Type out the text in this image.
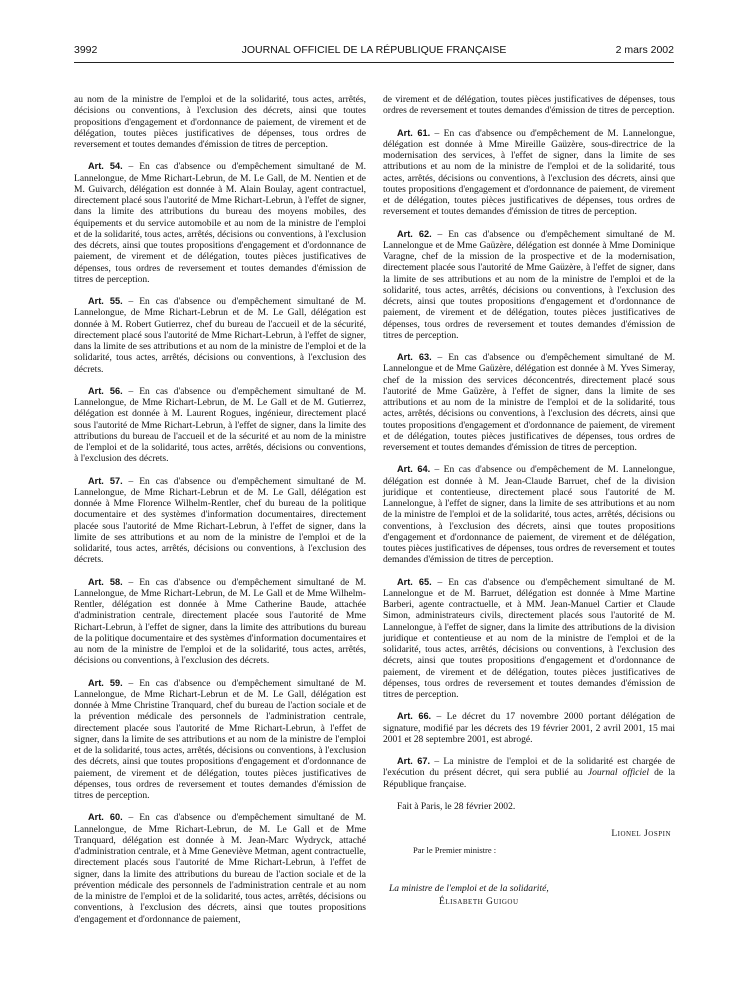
3992	JOURNAL OFFICIEL DE LA RÉPUBLIQUE FRANÇAISE	2 mars 2002

au nom de la ministre de l'emploi et de la solidarité, tous actes, arrêtés, décisions ou conventions, à l'exclusion des décrets, ainsi que toutes propositions d'engagement et d'ordonnance de paiement, de virement et de délégation, toutes pièces justificatives de dépenses, tous ordres de reversement et toutes demandes d'émission de titres de perception.

Art. 54. – En cas d'absence ou d'empêchement simultané de M. Lannelongue, de Mme Richart-Lebrun, de M. Le Gall, de M. Nentien et de M. Guivarch, délégation est donnée à M. Alain Boulay, agent contractuel, directement placé sous l'autorité de Mme Richart-Lebrun, à l'effet de signer, dans la limite des attributions du bureau des moyens mobiles, des équipements et du service automobile et au nom de la ministre de l'emploi et de la solidarité, tous actes, arrêtés, décisions ou conventions, à l'exclusion des décrets, ainsi que toutes propositions d'engagement et d'ordonnance de paiement, de virement et de délégation, toutes pièces justificatives de dépenses, tous ordres de reversement et toutes demandes d'émission de titres de perception.

Art. 55. – En cas d'absence ou d'empêchement simultané de M. Lannelongue, de Mme Richart-Lebrun et de M. Le Gall, délégation est donnée à M. Robert Gutierrez, chef du bureau de l'accueil et de la sécurité, directement placé sous l'autorité de Mme Richart-Lebrun, à l'effet de signer, dans la limite de ses attributions et au nom de la ministre de l'emploi et de la solidarité, tous actes, arrêtés, décisions ou conventions, à l'exclusion des décrets.

Art. 56. – En cas d'absence ou d'empêchement simultané de M. Lannelongue, de Mme Richart-Lebrun, de M. Le Gall et de M. Gutierrez, délégation est donnée à M. Laurent Rogues, ingénieur, directement placé sous l'autorité de Mme Richart-Lebrun, à l'effet de signer, dans la limite des attributions du bureau de l'accueil et de la sécurité et au nom de la ministre de l'emploi et de la solidarité, tous actes, arrêtés, décisions ou conventions, à l'exclusion des décrets.

Art. 57. – En cas d'absence ou d'empêchement simultané de M. Lannelongue, de Mme Richart-Lebrun et de M. Le Gall, délégation est donnée à Mme Florence Wilhelm-Rentler, chef du bureau de la politique documentaire et des systèmes d'information documentaires, directement placée sous l'autorité de Mme Richart-Lebrun, à l'effet de signer, dans la limite de ses attributions et au nom de la ministre de l'emploi et de la solidarité, tous actes, arrêtés, décisions ou conventions, à l'exclusion des décrets.

Art. 58. – En cas d'absence ou d'empêchement simultané de M. Lannelongue, de Mme Richart-Lebrun, de M. Le Gall et de Mme Wilhelm-Rentler, délégation est donnée à Mme Catherine Baude, attachée d'administration centrale, directement placée sous l'autorité de Mme Richart-Lebrun, à l'effet de signer, dans la limite des attributions du bureau de la politique documentaire et des systèmes d'information documentaires et au nom de la ministre de l'emploi et de la solidarité, tous actes, arrêtés, décisions ou conventions, à l'exclusion des décrets.

Art. 59. – En cas d'absence ou d'empêchement simultané de M. Lannelongue, de Mme Richart-Lebrun et de M. Le Gall, délégation est donnée à Mme Christine Tranquard, chef du bureau de l'action sociale et de la prévention médicale des personnels de l'administration centrale, directement placée sous l'autorité de Mme Richart-Lebrun, à l'effet de signer, dans la limite de ses attributions et au nom de la ministre de l'emploi et de la solidarité, tous actes, arrêtés, décisions ou conventions, à l'exclusion des décrets, ainsi que toutes propositions d'engagement et d'ordonnance de paiement, de virement et de délégation, toutes pièces justificatives de dépenses, tous ordres de reversement et toutes demandes d'émission de titres de perception.

Art. 60. – En cas d'absence ou d'empêchement simultané de M. Lannelongue, de Mme Richart-Lebrun, de M. Le Gall et de Mme Tranquard, délégation est donnée à M. Jean-Marc Wydryck, attaché d'administration centrale, et à Mme Geneviève Metman, agent contractuelle, directement placés sous l'autorité de Mme Richart-Lebrun, à l'effet de signer, dans la limite des attributions du bureau de l'action sociale et de la prévention médicale des personnels de l'administration centrale et au nom de la ministre de l'emploi et de la solidarité, tous actes, arrêtés, décisions ou conventions, à l'exclusion des décrets, ainsi que toutes propositions d'engagement et d'ordonnance de paiement,

de virement et de délégation, toutes pièces justificatives de dépenses, tous ordres de reversement et toutes demandes d'émission de titres de perception.

Art. 61. – En cas d'absence ou d'empêchement de M. Lannelongue, délégation est donnée à Mme Mireille Gaüzère, sous-directrice de la modernisation des services, à l'effet de signer, dans la limite de ses attributions et au nom de la ministre de l'emploi et de la solidarité, tous actes, arrêtés, décisions ou conventions, à l'exclusion des décrets, ainsi que toutes propositions d'engagement et d'ordonnance de paiement, de virement et de délégation, toutes pièces justificatives de dépenses, tous ordres de reversement et toutes demandes d'émission de titres de perception.

Art. 62. – En cas d'absence ou d'empêchement simultané de M. Lannelongue et de Mme Gaüzère, délégation est donnée à Mme Dominique Varagne, chef de la mission de la prospective et de la modernisation, directement placée sous l'autorité de Mme Gaüzère, à l'effet de signer, dans la limite de ses attributions et au nom de la ministre de l'emploi et de la solidarité, tous actes, arrêtés, décisions ou conventions, à l'exclusion des décrets, ainsi que toutes propositions d'engagement et d'ordonnance de paiement, de virement et de délégation, toutes pièces justificatives de dépenses, tous ordres de reversement et toutes demandes d'émission de titres de perception.

Art. 63. – En cas d'absence ou d'empêchement simultané de M. Lannelongue et de Mme Gaüzère, délégation est donnée à M. Yves Simeray, chef de la mission des services déconcentrés, directement placé sous l'autorité de Mme Gaüzère, à l'effet de signer, dans la limite de ses attributions et au nom de la ministre de l'emploi et de la solidarité, tous actes, arrêtés, décisions ou conventions, à l'exclusion des décrets, ainsi que toutes propositions d'engagement et d'ordonnance de paiement, de virement et de délégation, toutes pièces justificatives de dépenses, tous ordres de reversement et toutes demandes d'émission de titres de perception.

Art. 64. – En cas d'absence ou d'empêchement de M. Lannelongue, délégation est donnée à M. Jean-Claude Barruet, chef de la division juridique et contentieuse, directement placé sous l'autorité de M. Lannelongue, à l'effet de signer, dans la limite de ses attributions et au nom de la ministre de l'emploi et de la solidarité, tous actes, arrêtés, décisions ou conventions, à l'exclusion des décrets, ainsi que toutes propositions d'engagement et d'ordonnance de paiement, de virement et de délégation, toutes pièces justificatives de dépenses, tous ordres de reversement et toutes demandes d'émission de titres de perception.

Art. 65. – En cas d'absence ou d'empêchement simultané de M. Lannelongue et de M. Barruet, délégation est donnée à Mme Martine Barberi, agente contractuelle, et à MM. Jean-Manuel Cartier et Claude Simon, administrateurs civils, directement placés sous l'autorité de M. Lannelongue, à l'effet de signer, dans la limite des attributions de la division juridique et contentieuse et au nom de la ministre de l'emploi et de la solidarité, tous actes, arrêtés, décisions ou conventions, à l'exclusion des décrets, ainsi que toutes propositions d'engagement et d'ordonnance de paiement, de virement et de délégation, toutes pièces justificatives de dépenses, tous ordres de reversement et toutes demandes d'émission de titres de perception.

Art. 66. – Le décret du 17 novembre 2000 portant délégation de signature, modifié par les décrets des 19 février 2001, 2 avril 2001, 15 mai 2001 et 28 septembre 2001, est abrogé.

Art. 67. – La ministre de l'emploi et de la solidarité est chargée de l'exécution du présent décret, qui sera publié au Journal officiel de la République française.

Fait à Paris, le 28 février 2002.
Lionel Jospin
Par le Premier ministre :
La ministre de l'emploi et de la solidarité,
Élisabeth Guigou
